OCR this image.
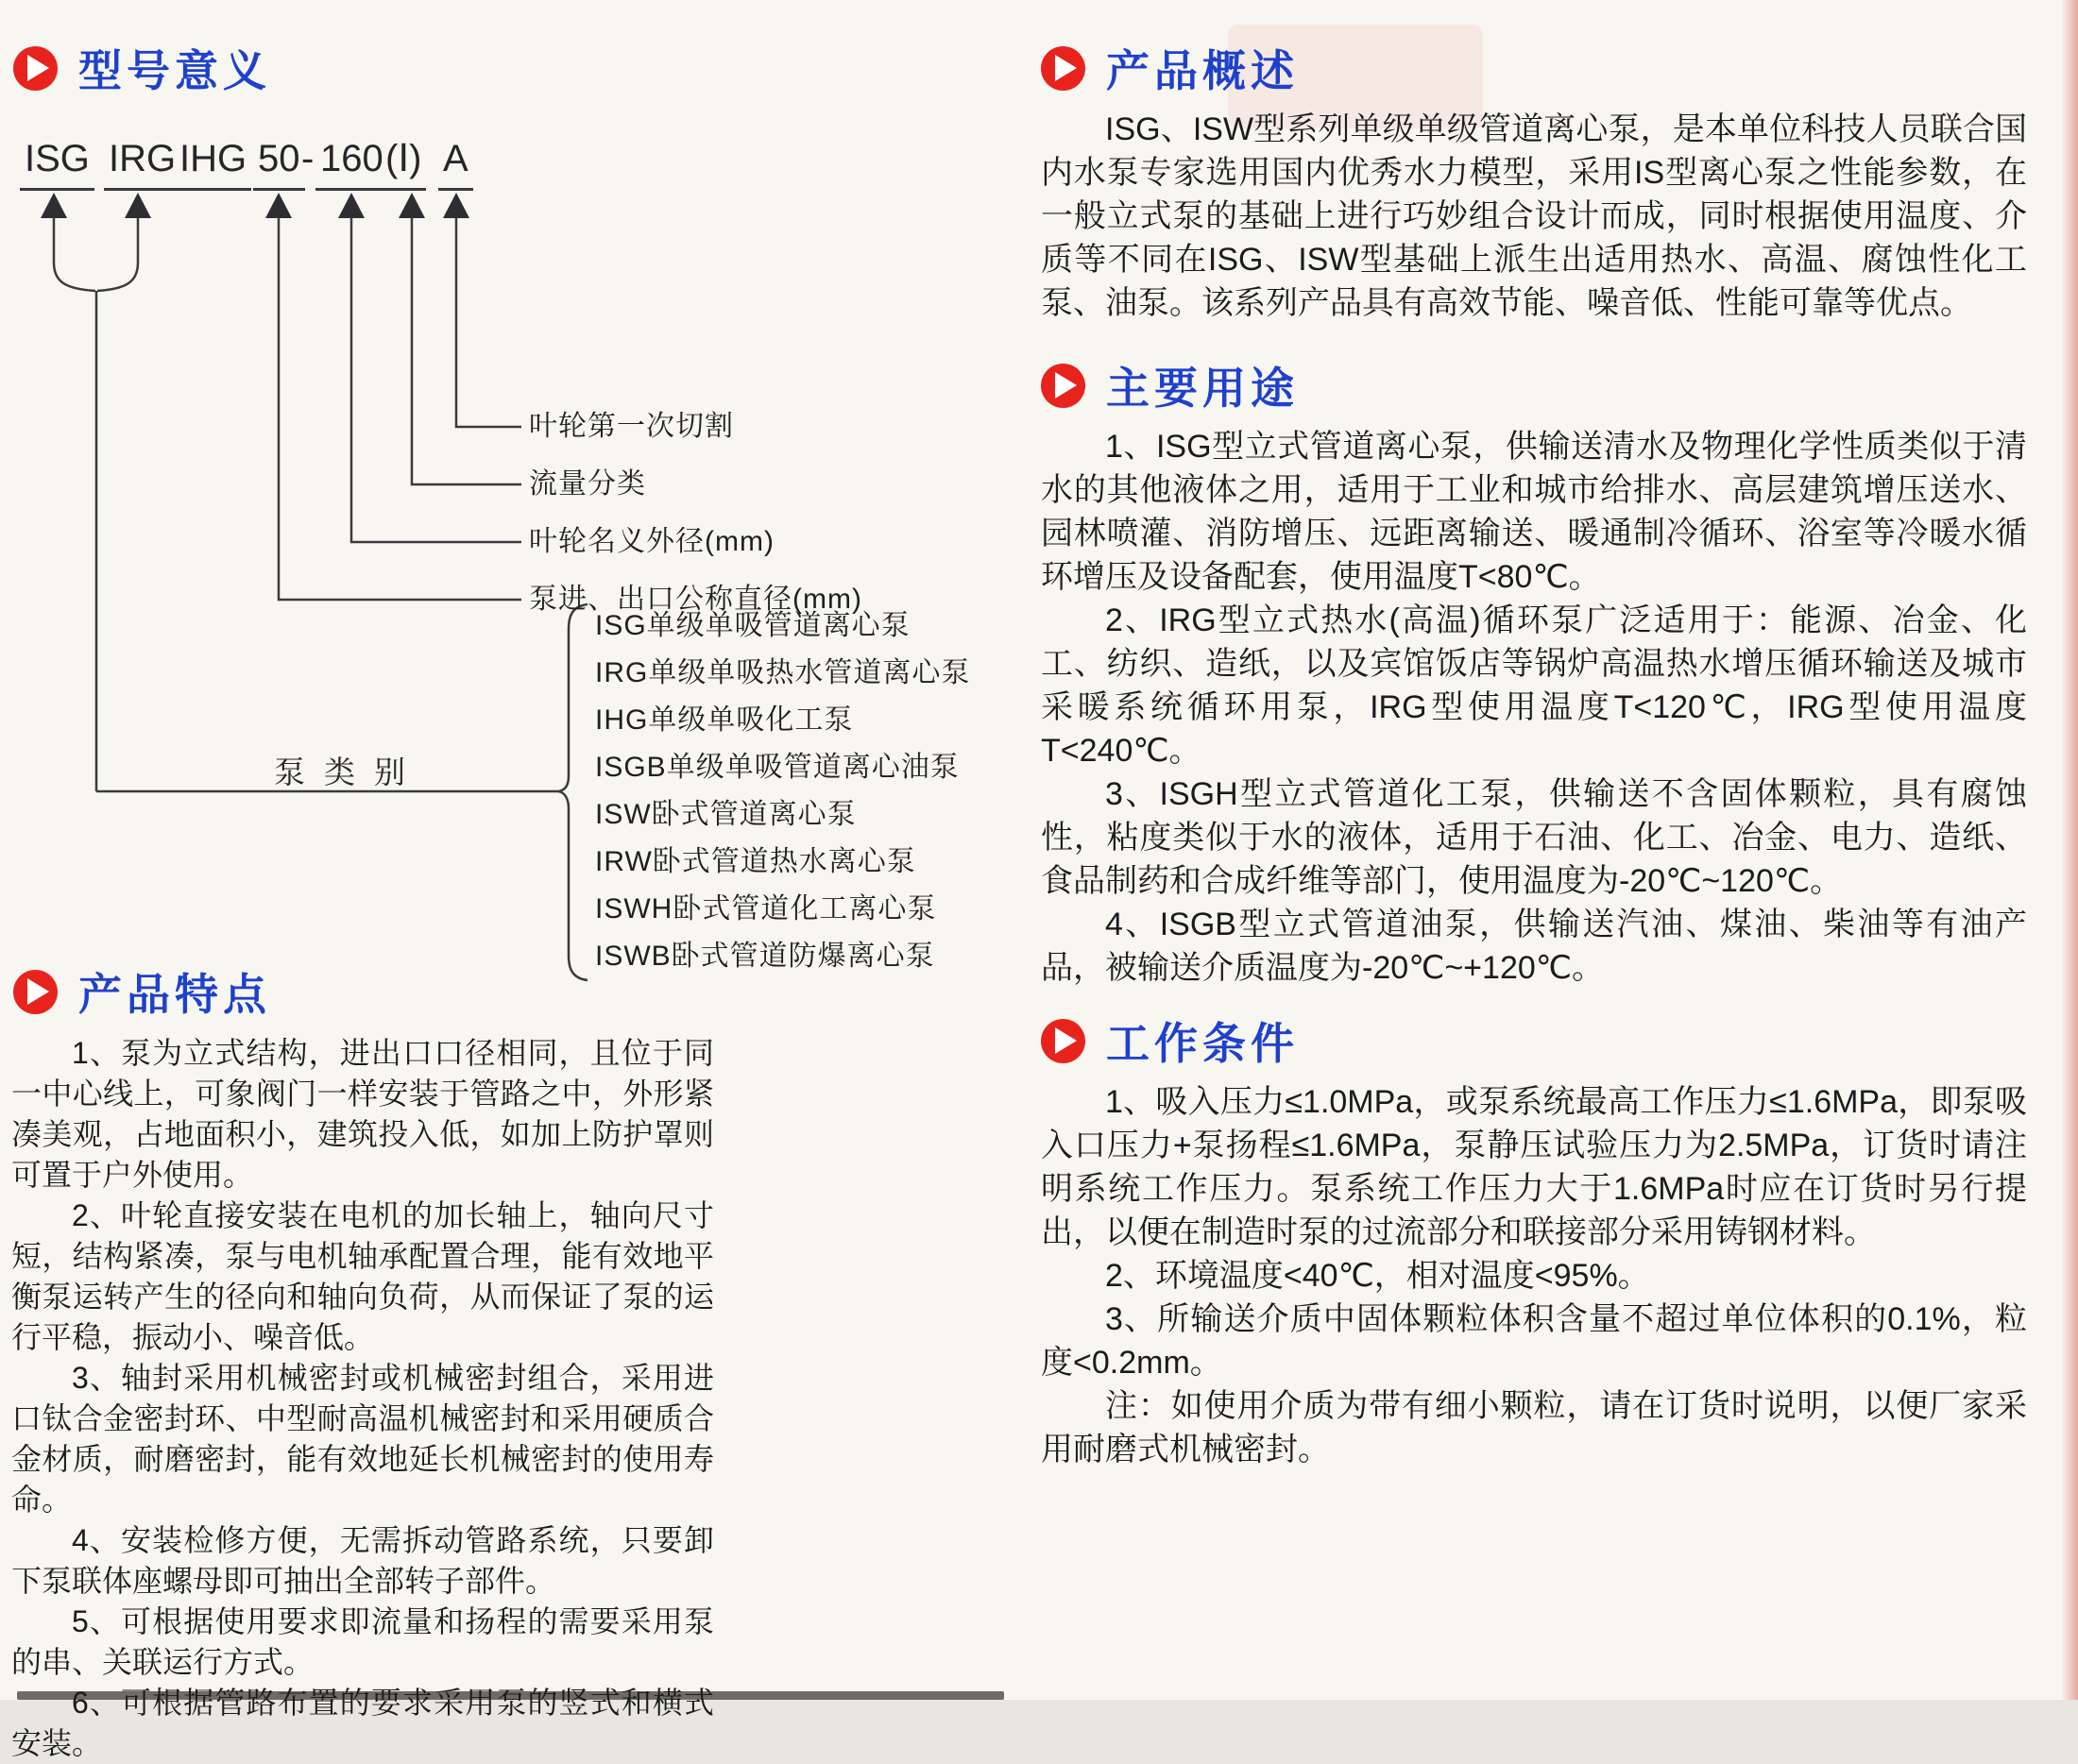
型号意义
ISG IRG IHG 50 - 160 (Ⅰ) A
叶轮第一次切割
流量分类
叶轮名义外径(mm)
泵进、出口公称直径(mm)
泵类别
ISG单级单吸管道离心泵
IRG单级单吸热水管道离心泵
IHG单级单吸化工泵
ISGB单级单吸管道离心油泵
ISW卧式管道离心泵
IRW卧式管道热水离心泵
ISWH卧式管道化工离心泵
ISWB卧式管道防爆离心泵
产品特点

1、泵为立式结构，进出口口径相同，且位于同一中心线上，可象阀门一样安装于管路之中，外形紧凑美观，占地面积小，建筑投入低，如加上防护罩则可置于户外使用。

2、叶轮直接安装在电机的加长轴上，轴向尺寸短，结构紧凑，泵与电机轴承配置合理，能有效地平衡泵运转产生的径向和轴向负荷，从而保证了泵的运行平稳，振动小、噪音低。

3、轴封采用机械密封或机械密封组合，采用进口钛合金密封环、中型耐高温机械密封和采用硬质合金材质，耐磨密封，能有效地延长机械密封的使用寿命。

4、安装检修方便，无需拆动管路系统，只要卸下泵联体座螺母即可抽出全部转子部件。

5、可根据使用要求即流量和扬程的需要采用泵的串、关联运行方式。

6、可根据管路布置的要求采用泵的竖式和横式安装。

产品概述

ISG、ISW型系列单级单级管道离心泵，是本单位科技人员联合国内水泵专家选用国内优秀水力模型，采用IS型离心泵之性能参数，在一般立式泵的基础上进行巧妙组合设计而成，同时根据使用温度、介质等不同在ISG、ISW型基础上派生出适用热水、高温、腐蚀性化工泵、油泵。该系列产品具有高效节能、噪音低、性能可靠等优点。

主要用途

1、ISG型立式管道离心泵，供输送清水及物理化学性质类似于清水的其他液体之用，适用于工业和城市给排水、高层建筑增压送水、园林喷灌、消防增压、远距离输送、暖通制冷循环、浴室等冷暖水循环增压及设备配套，使用温度T<80℃。

2、IRG型立式热水(高温)循环泵广泛适用于：能源、冶金、化工、纺织、造纸，以及宾馆饭店等锅炉高温热水增压循环输送及城市采暖系统循环用泵，IRG型使用温度T<120℃，IRG型使用温度T<240℃。

3、ISGH型立式管道化工泵，供输送不含固体颗粒，具有腐蚀性，粘度类似于水的液体，适用于石油、化工、冶金、电力、造纸、食品制药和合成纤维等部门，使用温度为-20℃~120℃。

4、ISGB型立式管道油泵，供输送汽油、煤油、柴油等有油产品，被输送介质温度为-20℃~+120℃。

工作条件

1、吸入压力≤1.0MPa，或泵系统最高工作压力≤1.6MPa，即泵吸入口压力+泵扬程≤1.6MPa，泵静压试验压力为2.5MPa，订货时请注明系统工作压力。泵系统工作压力大于1.6MPa时应在订货时另行提出，以便在制造时泵的过流部分和联接部分采用铸钢材料。

2、环境温度<40℃，相对温度<95%。

3、所输送介质中固体颗粒体积含量不超过单位体积的0.1%，粒度<0.2mm。

注：如使用介质为带有细小颗粒，请在订货时说明，以便厂家采用耐磨式机械密封。
